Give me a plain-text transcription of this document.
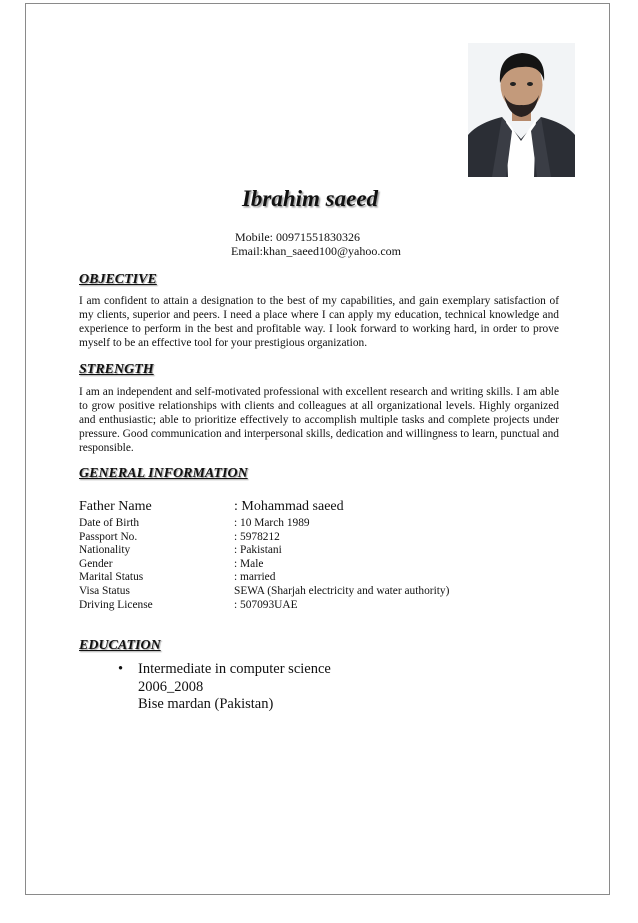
Ibrahim saeed
Mobile: 00971551830326
Email:khan_saeed100@yahoo.com
OBJECTIVE

I am confident to attain a designation to the best of my capabilities, and gain exemplary satisfaction of my clients, superior and peers. I need a place where I can apply my education, technical knowledge and experience to perform in the best and profitable way. I look forward to working hard, in order to prove myself to be an effective tool for your prestigious organization.

STRENGTH

I am an independent and self-motivated professional with excellent research and writing skills. I am able to grow positive relationships with clients and colleagues at all organizational levels. Highly organized and enthusiastic; able to prioritize effectively to accomplish multiple tasks and complete projects under pressure. Good communication and interpersonal skills, dedication and willingness to learn, punctual and responsible.

GENERAL INFORMATION
Father Name	: Mohammad saeed
Date of Birth	: 10 March 1989
Passport No.	: 5978212
Nationality	: Pakistani
Gender	: Male
Marital Status	: married
Visa Status	SEWA (Sharjah electricity and water authority)
Driving License	: 507093UAE
EDUCATION
• Intermediate in computer science
2006_2008
Bise mardan (Pakistan)
